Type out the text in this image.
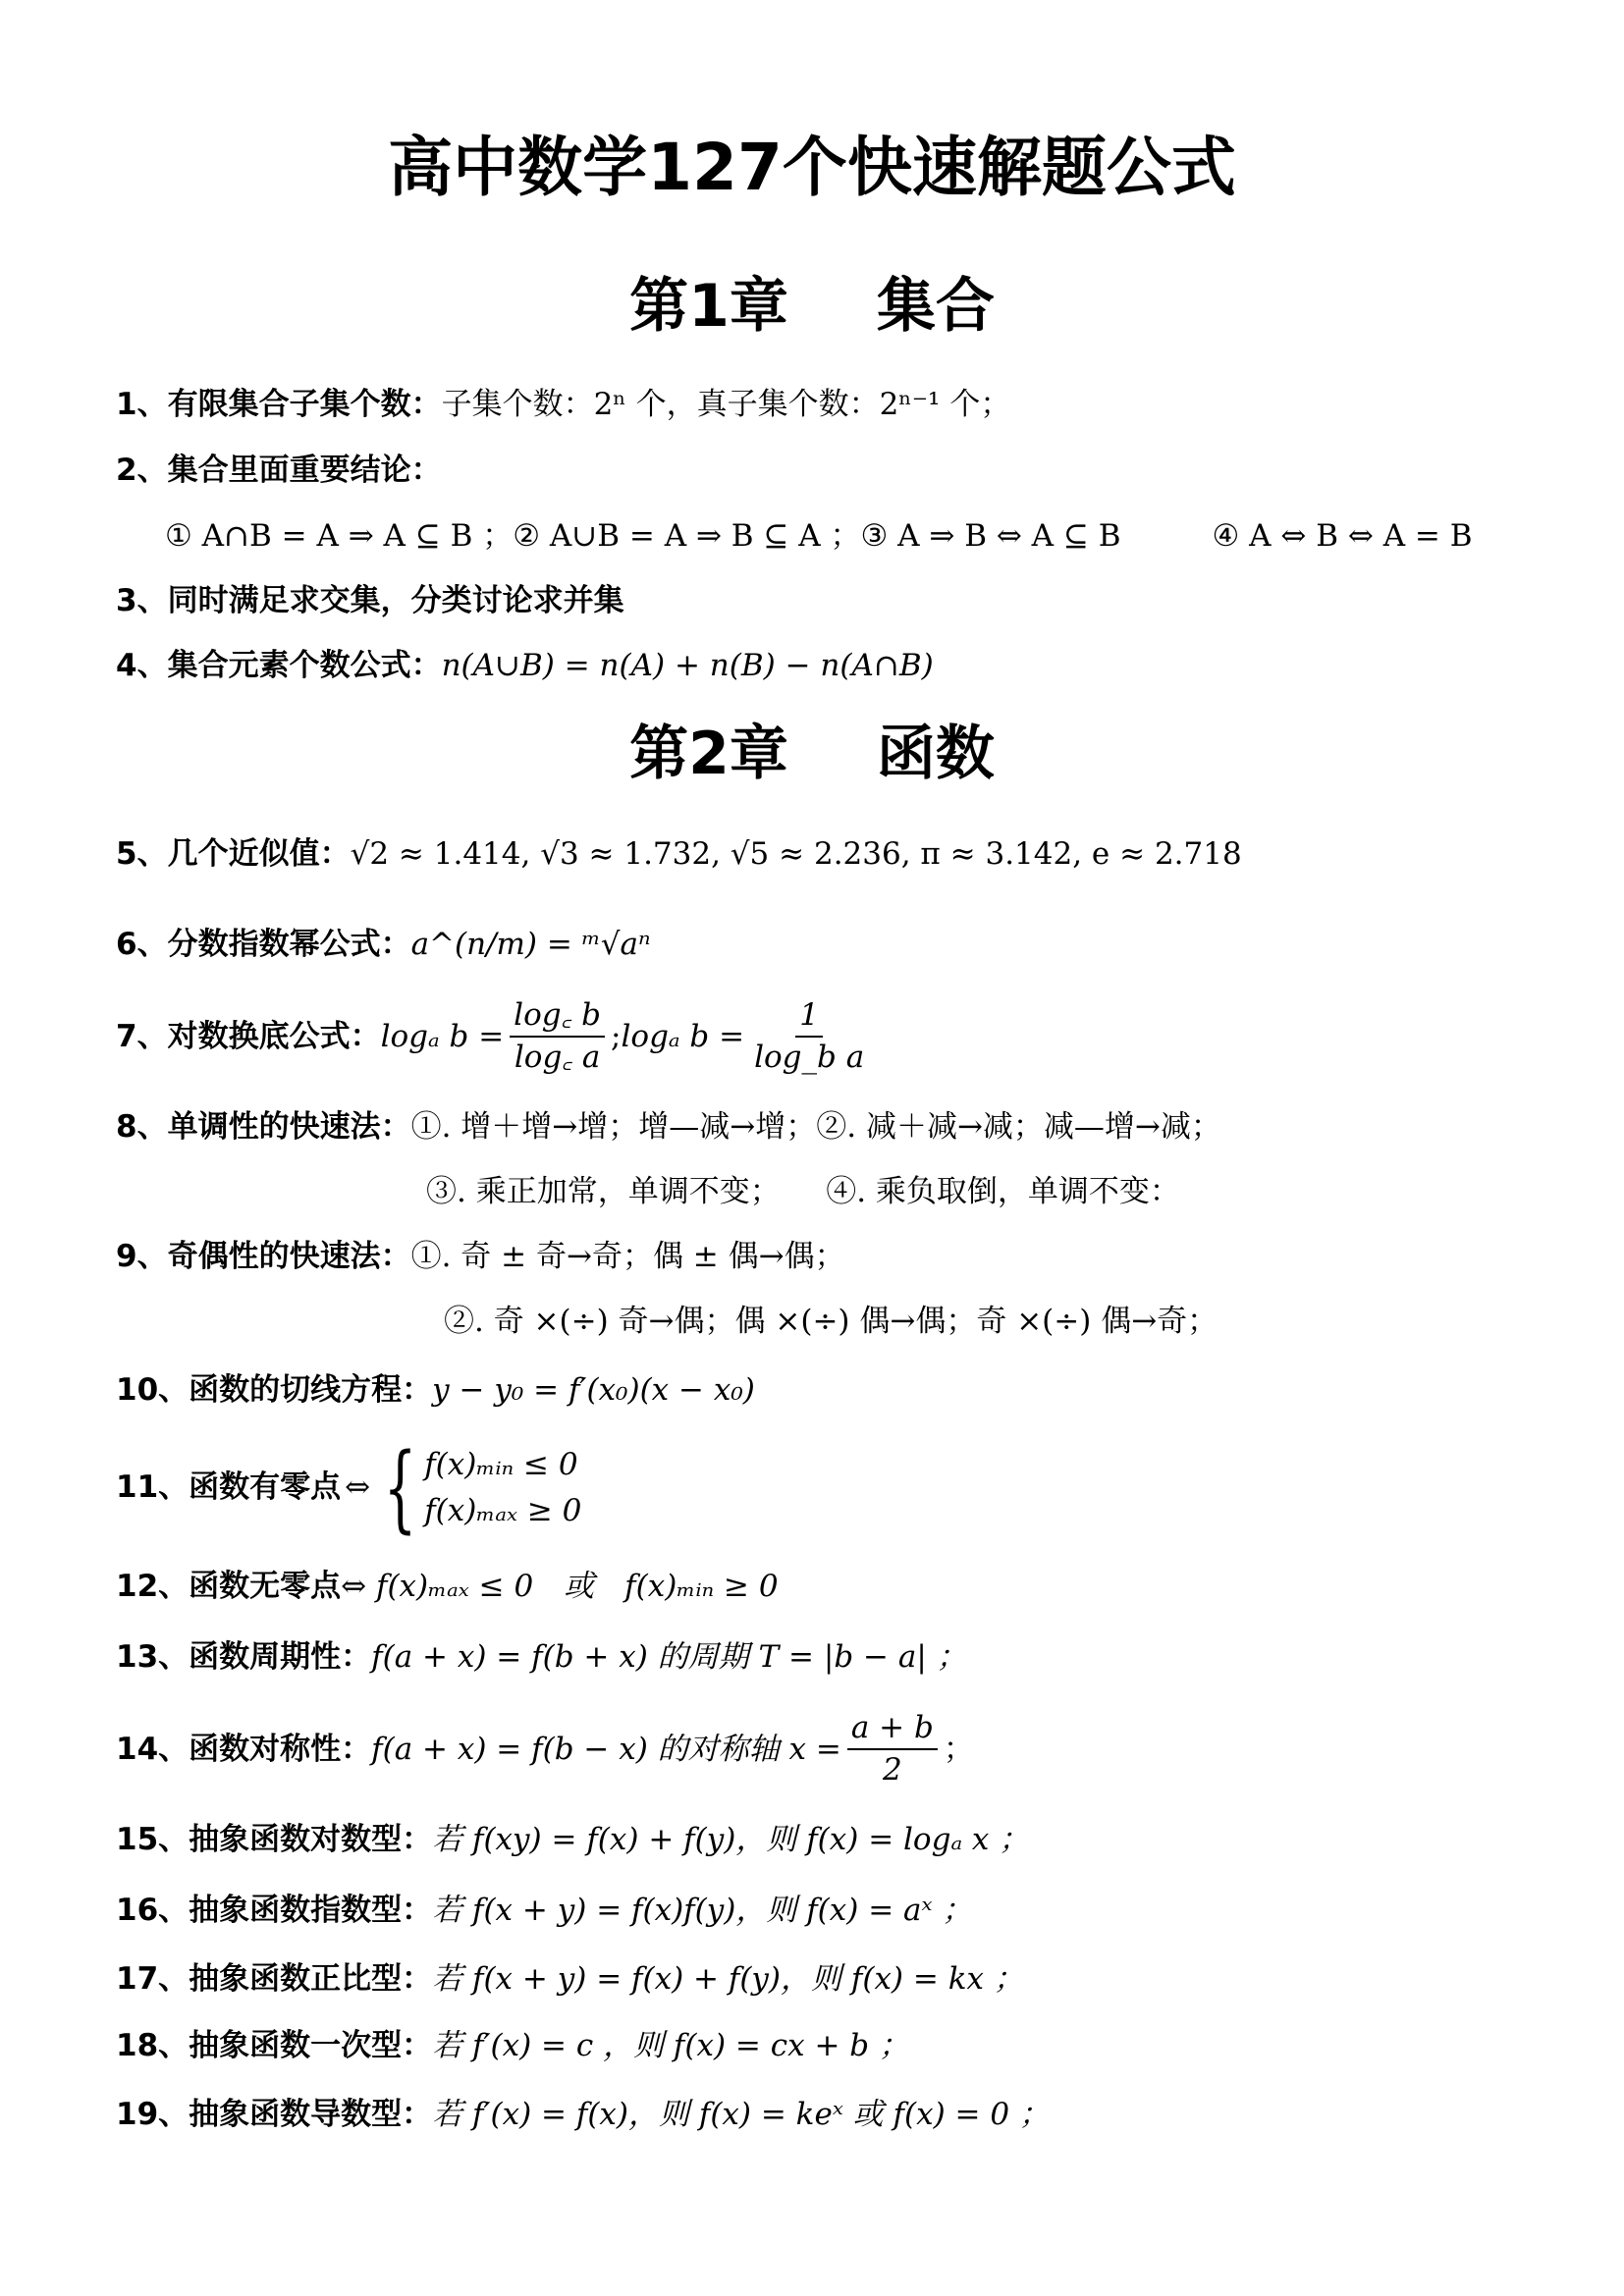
高中数学127个快速解题公式
第1章 集合
1、 有限集合子集个数： 子集个数：2ⁿ 个，真子集个数：2ⁿ⁻¹ 个；
2、 集合里面重要结论：
① A∩B = A ⇒ A ⊆ B ；② A∪B = A ⇒ B ⊆ A ；③ A ⇒ B ⇔ A ⊆ B　　　④ A ⇔ B ⇔ A = B
3、 同时满足求交集，分类讨论求并集
4、 集合元素个数公式： n(A∪B) = n(A) + n(B) − n(A∩B)
第2章 函数
5、 几个近似值： √2 ≈ 1.414, √3 ≈ 1.732, √5 ≈ 2.236, π ≈ 3.142, e ≈ 2.718
6、 分数指数幂公式： a^(n/m) = ᵐ√aⁿ
7、 对数换底公式： logₐ $b = \frac{\log꜀ b}{\log꜀ a}$ ; logₐ $b = \frac{1}{\text{log\_b a}}$
8、 单调性的快速法： ①. 增＋增→增；增—减→增；②. 减＋减→减；减—增→减；
③. 乘正加常，单调不变；　　④. 乘负取倒，单调不变：
9、 奇偶性的快速法： ①. 奇 ± 奇→奇；偶 ± 偶→偶；
②. 奇 ×(÷) 奇→偶；偶 ×(÷) 偶→偶；奇 ×(÷) 偶→奇；
10、 函数的切线方程： y − y₀ = f′(x₀)(x − x₀)
11、 函数有零点 ⇔ { f(x)ₘᵢₙ ≤ 0
f(x)ₘₐₓ ≥ 0
12、 函数无零点 ⇔ f(x)ₘₐₓ ≤ 0　或　f(x)ₘᵢₙ ≥ 0
13、 函数周期性： f(a + x) = f(b + x) 的周期 T = |b − a| ；
14、 函数对称性： f(a + x) = f(b − x) 的对称轴 $x = \frac{a + b}{2}$ ；
15、 抽象函数对数型： 若 f(xy) = f(x) + f(y)，则 f(x) = logₐ x ；
16、 抽象函数指数型： 若 f(x + y) = f(x)f(y)，则 f(x) = aˣ ；
17、 抽象函数正比型： 若 f(x + y) = f(x) + f(y)，则 f(x) = kx ；
18、 抽象函数一次型： 若 f′(x) = c ，则 f(x) = cx + b ；
19、 抽象函数导数型： 若 f′(x) = f(x)，则 f(x) = keˣ 或 f(x) = 0 ；
